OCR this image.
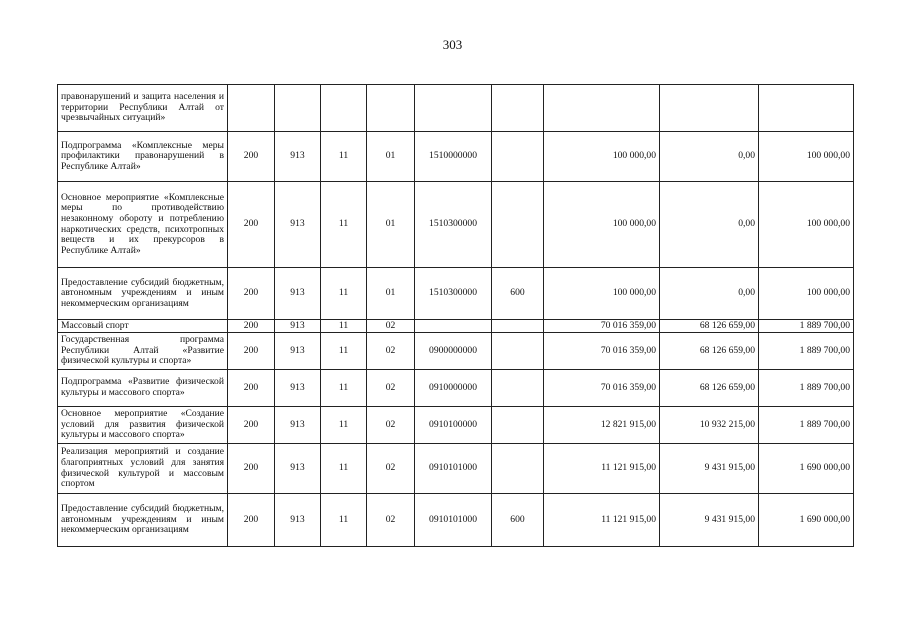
303
правонарушений и защита населения и территории Республики Алтай от чрезвычайных ситуаций»									
Подпрограмма «Комплексные меры профилактики правонарушений в Республике Алтай»	200	913	11	01	1510000000		100 000,00	0,00	100 000,00
Основное мероприятие «Комплексные меры по противодействию незаконному обороту и потреблению наркотических средств, психотропных веществ и их прекурсоров в Республике Алтай»	200	913	11	01	1510300000		100 000,00	0,00	100 000,00
Предоставление субсидий бюджетным, автономным учреждениям и иным некоммерческим организациям	200	913	11	01	1510300000	600	100 000,00	0,00	100 000,00
Массовый спорт	200	913	11	02			70 016 359,00	68 126 659,00	1 889 700,00
Государственная программа Республики Алтай «Развитие физической культуры и спорта»	200	913	11	02	0900000000		70 016 359,00	68 126 659,00	1 889 700,00
Подпрограмма «Развитие физической культуры и массового спорта»	200	913	11	02	0910000000		70 016 359,00	68 126 659,00	1 889 700,00
Основное мероприятие «Создание условий для развития физической культуры и массового спорта»	200	913	11	02	0910100000		12 821 915,00	10 932 215,00	1 889 700,00
Реализация мероприятий и создание благоприятных условий для занятия физической культурой и массовым спортом	200	913	11	02	0910101000		11 121 915,00	9 431 915,00	1 690 000,00
Предоставление субсидий бюджетным, автономным учреждениям и иным некоммерческим организациям	200	913	11	02	0910101000	600	11 121 915,00	9 431 915,00	1 690 000,00
